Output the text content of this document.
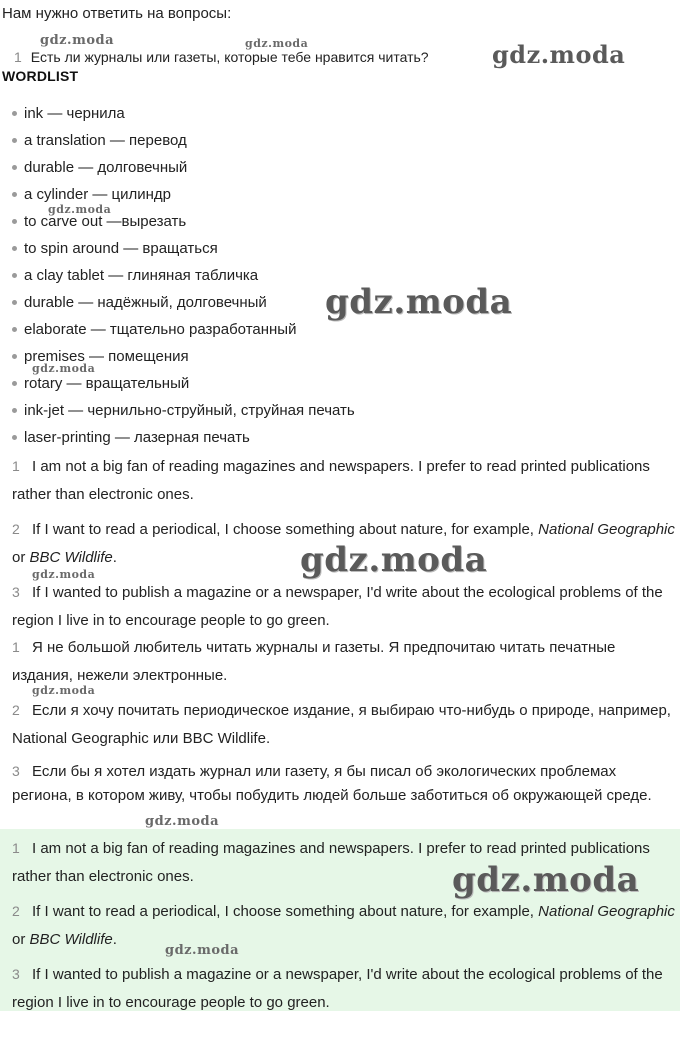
Нам нужно ответить на вопросы:
1 Есть ли журналы или газеты, которые тебе нравится читать?
WORDLIST
ink — чернила
a translation — перевод
durable — долговечный
a cylinder — цилиндр
to carve out —вырезать
to spin around — вращаться
a clay tablet — глиняная табличка
durable — надёжный, долговечный
elaborate — тщательно разработанный
premises — помещения
rotary — вращательный
ink-jet — чернильно-струйный, струйная печать
laser-printing — лазерная печать
1 I am not a big fan of reading magazines and newspapers. I prefer to read printed publications rather than electronic ones.
2 If I want to read a periodical, I choose something about nature, for example, National Geographic or BBC Wildlife.
3 If I wanted to publish a magazine or a newspaper, I'd write about the ecological problems of the region I live in to encourage people to go green.
1 Я не большой любитель читать журналы и газеты. Я предпочитаю читать печатные издания, нежели электронные.
2 Если я хочу почитать периодическое издание, я выбираю что-нибудь о природе, например, National Geographic или BBC Wildlife.
3 Если бы я хотел издать журнал или газету, я бы писал об экологических проблемах региона, в котором живу, чтобы побудить людей больше заботиться об окружающей среде.
1 I am not a big fan of reading magazines and newspapers. I prefer to read printed publications rather than electronic ones.
2 If I want to read a periodical, I choose something about nature, for example, National Geographic or BBC Wildlife.
3 If I wanted to publish a magazine or a newspaper, I'd write about the ecological problems of the region I live in to encourage people to go green.
gdz.moda	gdz.moda	gdz.moda
gdz.moda
gdz.moda
gdz.moda
gdz.moda
gdz.moda
gdz.moda
gdz.moda
gdz.moda
gdz.moda
